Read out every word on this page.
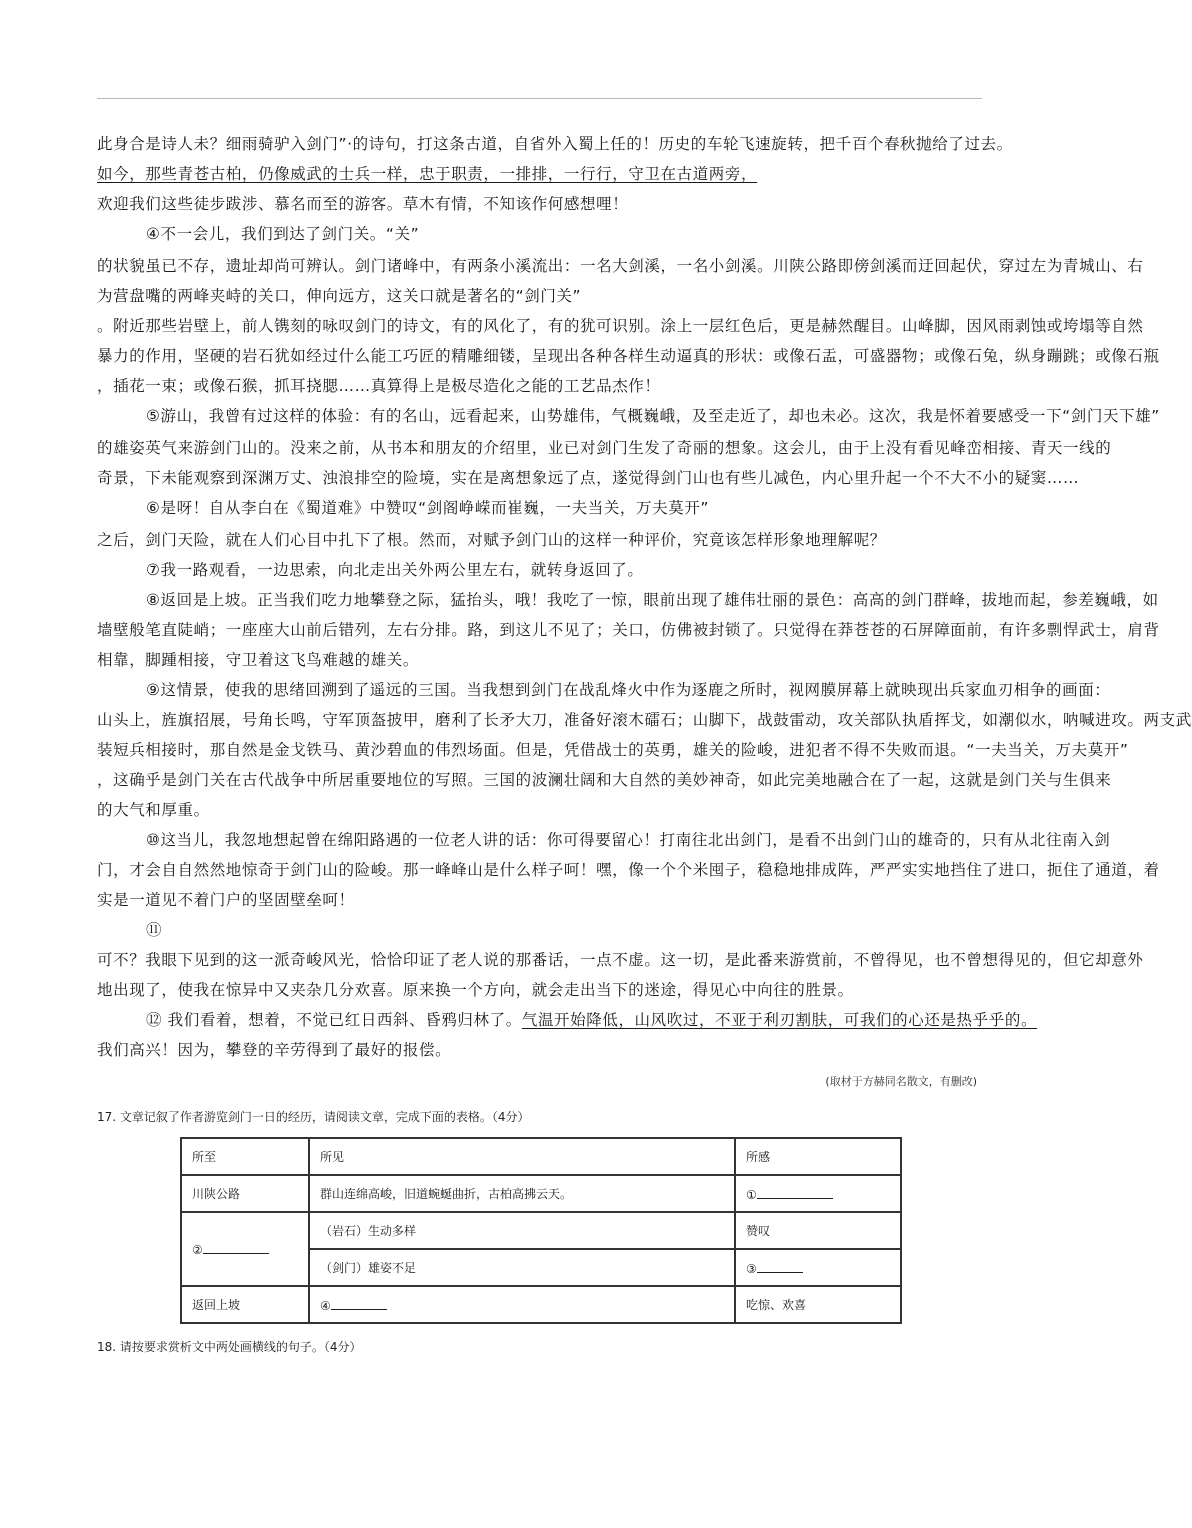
此身合是诗人未？细雨骑驴入剑门”·的诗句，打这条古道，自省外入蜀上任的！历史的车轮飞速旋转，把千百个春秋抛给了过去。
如今，那些青苍古柏，仍像威武的士兵一样，忠于职责，一排排，一行行，守卫在古道两旁，
欢迎我们这些徒步跋涉、慕名而至的游客。草木有情，不知该作何感想哩！
④不一会儿，我们到达了剑门关。“关”
的状貌虽已不存，遗址却尚可辨认。剑门诸峰中，有两条小溪流出：一名大剑溪，一名小剑溪。川陕公路即傍剑溪而迂回起伏，穿过左为青城山、右
为营盘嘴的两峰夹峙的关口，伸向远方，这关口就是著名的“剑门关”
。附近那些岩壁上，前人镌刻的咏叹剑门的诗文，有的风化了，有的犹可识别。涂上一层红色后，更是赫然醒目。山峰脚，因风雨剥蚀或垮塌等自然
暴力的作用，坚硬的岩石犹如经过什么能工巧匠的精雕细镂，呈现出各种各样生动逼真的形状：或像石盂，可盛器物；或像石兔，纵身蹦跳；或像石瓶
，插花一束；或像石猴，抓耳挠腮……真算得上是极尽造化之能的工艺品杰作！
⑤游山，我曾有过这样的体验：有的名山，远看起来，山势雄伟，气概巍峨，及至走近了，却也未必。这次，我是怀着要感受一下“剑门天下雄”
的雄姿英气来游剑门山的。没来之前，从书本和朋友的介绍里，业已对剑门生发了奇丽的想象。这会儿，由于上没有看见峰峦相接、青天一线的
奇景，下未能观察到深渊万丈、浊浪排空的险境，实在是离想象远了点，遂觉得剑门山也有些儿减色，内心里升起一个不大不小的疑窦……
⑥是呀！自从李白在《蜀道难》中赞叹“剑阁峥嵘而崔巍，一夫当关，万夫莫开”
之后，剑门天险，就在人们心目中扎下了根。然而，对赋予剑门山的这样一种评价，究竟该怎样形象地理解呢？
⑦我一路观看，一边思索，向北走出关外两公里左右，就转身返回了。
⑧返回是上坡。正当我们吃力地攀登之际，猛抬头，哦！我吃了一惊，眼前出现了雄伟壮丽的景色：高高的剑门群峰，拔地而起，参差巍峨，如
墙壁般笔直陡峭；一座座大山前后错列，左右分排。路，到这儿不见了；关口，仿佛被封锁了。只觉得在莽苍苍的石屏障面前，有许多剽悍武士，肩背
相靠，脚踵相接，守卫着这飞鸟难越的雄关。
⑨这情景，使我的思绪回溯到了遥远的三国。当我想到剑门在战乱烽火中作为逐鹿之所时，视网膜屏幕上就映现出兵家血刃相争的画面：
山头上，旌旗招展，号角长鸣，守军顶盔披甲，磨利了长矛大刀，准备好滚木礌石；山脚下，战鼓雷动，攻关部队执盾挥戈，如潮似水，呐喊进攻。两支武
装短兵相接时，那自然是金戈铁马、黄沙碧血的伟烈场面。但是，凭借战士的英勇，雄关的险峻，进犯者不得不失败而退。“一夫当关，万夫莫开”
，这确乎是剑门关在古代战争中所居重要地位的写照。三国的波澜壮阔和大自然的美妙神奇，如此完美地融合在了一起，这就是剑门关与生俱来
的大气和厚重。
⑩这当儿，我忽地想起曾在绵阳路遇的一位老人讲的话：你可得要留心！打南往北出剑门，是看不出剑门山的雄奇的，只有从北往南入剑
门，才会自自然然地惊奇于剑门山的险峻。那一峰峰山是什么样子呵！嘿，像一个个米囤子，稳稳地排成阵，严严实实地挡住了进口，扼住了通道，着
实是一道见不着门户的坚固壁垒呵！
⑪
可不？我眼下见到的这一派奇峻风光，恰恰印证了老人说的那番话，一点不虚。这一切，是此番来游赏前，不曾得见，也不曾想得见的，但它却意外
地出现了，使我在惊异中又夹杂几分欢喜。原来换一个方向，就会走出当下的迷途，得见心中向往的胜景。
⑫ 我们看着，想着，不觉已红日西斜、昏鸦归林了。气温开始降低，山风吹过，不亚于利刃割肤，可我们的心还是热乎乎的。
我们高兴！因为，攀登的辛劳得到了最好的报偿。
(取材于方赫同名散文，有删改)
17. 文章记叙了作者游览剑门一日的经历，请阅读文章，完成下面的表格。（4分）
所至	所见	所感
川陕公路	群山连绵高峻，旧道蜿蜒曲折，古柏高拂云天。	①
②	（岩石）生动多样	赞叹
	（剑门）雄姿不足	③
返回上坡	④	吃惊、欢喜
18. 请按要求赏析文中两处画横线的句子。（4分）
